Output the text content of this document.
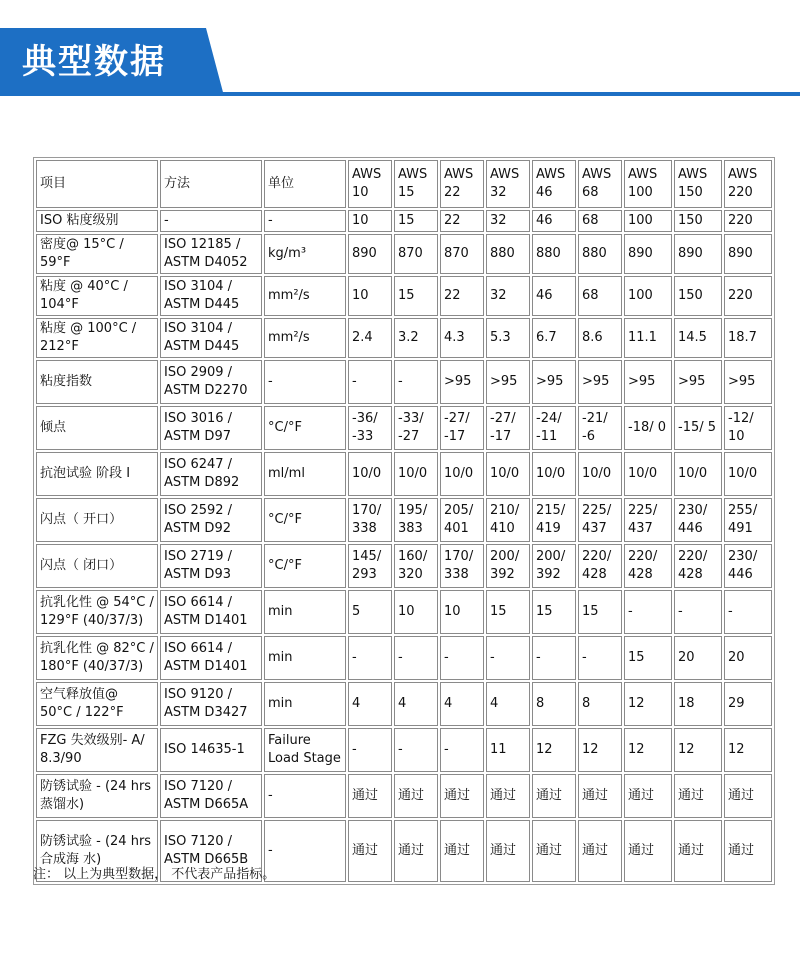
典型数据
项目	方法	单位	AWS 10	AWS 15	AWS 22	AWS 32	AWS 46	AWS 68	AWS 100	AWS 150	AWS 220
ISO 粘度级别	-	-	10	15	22	32	46	68	100	150	220
密度@ 15°C / 59°F	ISO 12185 / ASTM D4052	kg/m³	890	870	870	880	880	880	890	890	890
粘度 @ 40°C / 104°F	ISO 3104 / ASTM D445	mm²/s	10	15	22	32	46	68	100	150	220
粘度 @ 100°C / 212°F	ISO 3104 / ASTM D445	mm²/s	2.4	3.2	4.3	5.3	6.7	8.6	11.1	14.5	18.7
粘度指数	ISO 2909 / ASTM D2270	-	-	-	>95	>95	>95	>95	>95	>95	>95
倾点	ISO 3016 / ASTM D97	°C/°F	-36/ -33	-33/ -27	-27/ -17	-27/ -17	-24/ -11	-21/ -6	-18/ 0	-15/ 5	-12/ 10
抗泡试验 阶段 I	ISO 6247 / ASTM D892	ml/ml	10/0	10/0	10/0	10/0	10/0	10/0	10/0	10/0	10/0
闪点（ 开口）	ISO 2592 / ASTM D92	°C/°F	170/ 338	195/ 383	205/ 401	210/ 410	215/ 419	225/ 437	225/ 437	230/ 446	255/ 491
闪点（ 闭口）	ISO 2719 / ASTM D93	°C/°F	145/ 293	160/ 320	170/ 338	200/ 392	200/ 392	220/ 428	220/ 428	220/ 428	230/ 446
抗乳化性 @ 54°C / 129°F (40/37/3)	ISO 6614 / ASTM D1401	min	5	10	10	15	15	15	-	-	-
抗乳化性 @ 82°C / 180°F (40/37/3)	ISO 6614 / ASTM D1401	min	-	-	-	-	-	-	15	20	20
空气释放值@ 50°C / 122°F	ISO 9120 / ASTM D3427	min	4	4	4	4	8	8	12	18	29
FZG 失效级别- A/ 8.3/90	ISO 14635-1	Failure Load Stage	-	-	-	11	12	12	12	12	12
防锈试验 - (24 hrs 蒸馏水)	ISO 7120 / ASTM D665A	-	通过	通过	通过	通过	通过	通过	通过	通过	通过
防锈试验 - (24 hrs 合成海 水)	ISO 7120 / ASTM D665B	-	通过	通过	通过	通过	通过	通过	通过	通过	通过
注： 以上为典型数据， 不代表产品指标。
